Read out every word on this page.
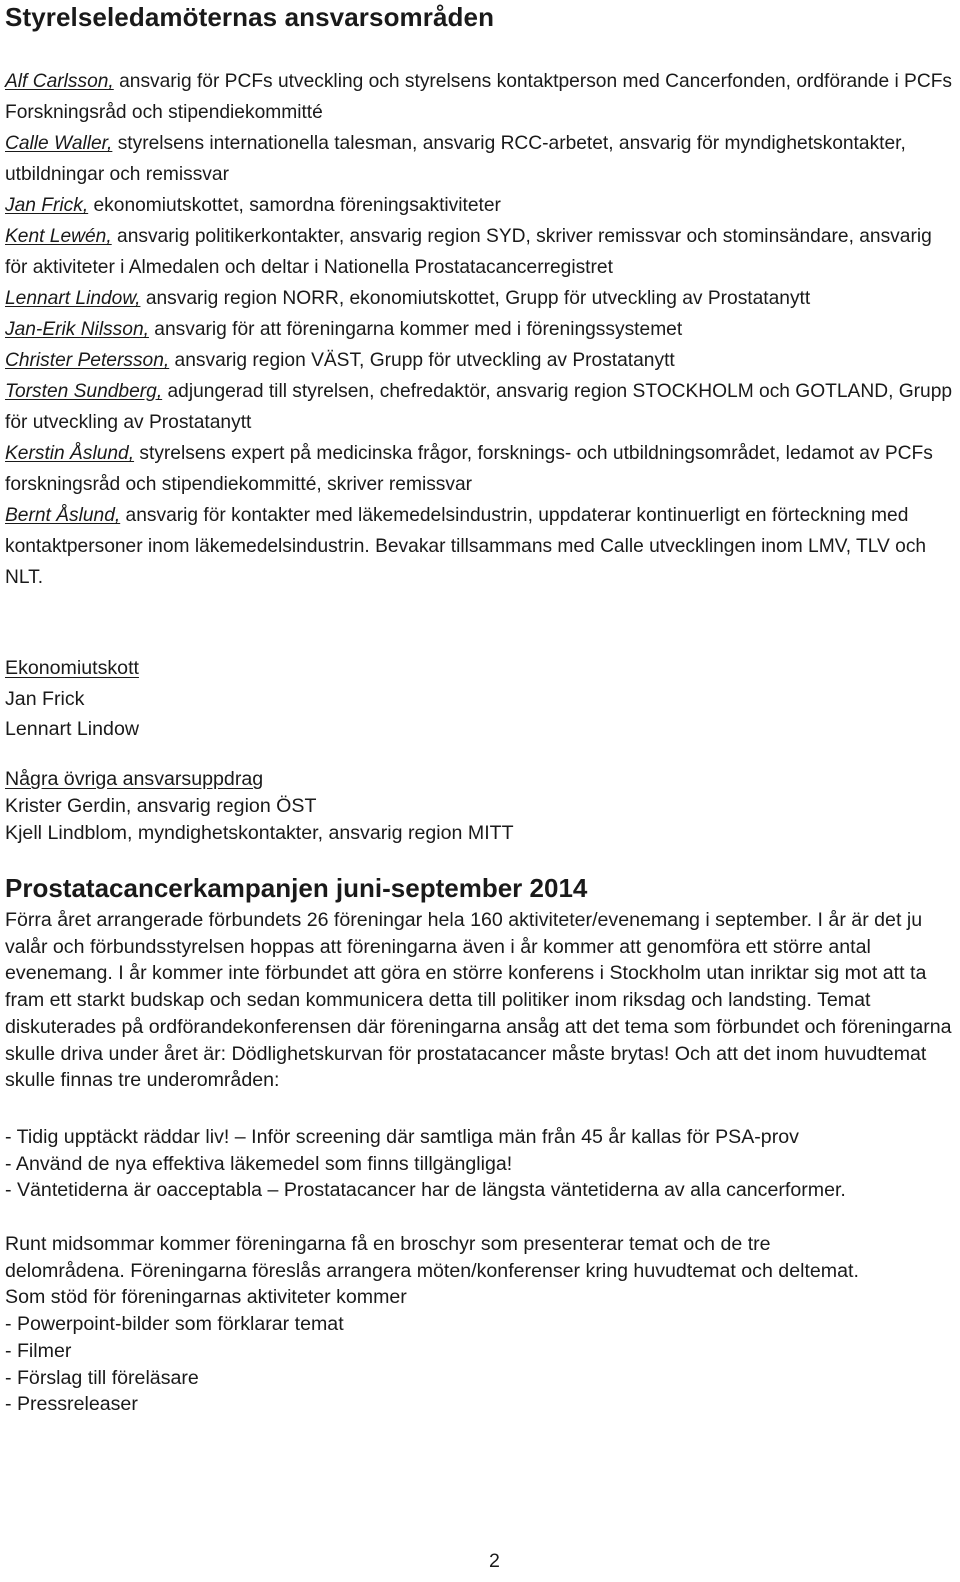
Styrelseledamöternas ansvarsområden

Alf Carlsson, ansvarig för PCFs utveckling och styrelsens kontaktperson med Cancerfonden, ordförande i PCFs Forskningsråd och stipendiekommitté

Calle Waller, styrelsens internationella talesman, ansvarig RCC-arbetet, ansvarig för myndighetskontakter, utbildningar och remissvar

Jan Frick, ekonomiutskottet, samordna föreningsaktiviteter

Kent Lewén, ansvarig politikerkontakter, ansvarig region SYD, skriver remissvar och stominsändare, ansvarig för aktiviteter i Almedalen och deltar i Nationella Prostatacancerregistret

Lennart Lindow, ansvarig region NORR, ekonomiutskottet, Grupp för utveckling av Prostatanytt

Jan-Erik Nilsson, ansvarig för att föreningarna kommer med i föreningssystemet

Christer Petersson, ansvarig region VÄST, Grupp för utveckling av Prostatanytt

Torsten Sundberg, adjungerad till styrelsen, chefredaktör, ansvarig region STOCKHOLM och GOTLAND, Grupp för utveckling av Prostatanytt

Kerstin Åslund, styrelsens expert på medicinska frågor, forsknings- och utbildningsområdet, ledamot av PCFs forskningsråd och stipendiekommitté, skriver remissvar

Bernt Åslund, ansvarig för kontakter med läkemedelsindustrin, uppdaterar kontinuerligt en förteckning med kontaktpersoner inom läkemedelsindustrin. Bevakar tillsammans med Calle utvecklingen inom LMV, TLV och NLT.

Ekonomiutskott

Jan Frick

Lennart Lindow

Några övriga ansvarsuppdrag

Krister Gerdin, ansvarig region ÖST

Kjell Lindblom, myndighetskontakter, ansvarig region MITT

Prostatacancerkampanjen juni-september 2014

Förra året arrangerade förbundets 26 föreningar hela 160 aktiviteter/evenemang i september. I år är det ju valår och förbundsstyrelsen hoppas att föreningarna även i år kommer att genomföra ett större antal evenemang. I år kommer inte förbundet att göra en större konferens i Stockholm utan inriktar sig mot att ta fram ett starkt budskap och sedan kommunicera detta till politiker inom riksdag och landsting. Temat diskuterades på ordförandekonferensen där föreningarna ansåg att det tema som förbundet och föreningarna skulle driva under året är: Dödlighetskurvan för prostatacancer måste brytas! Och att det inom huvudtemat skulle finnas tre underområden:

- Tidig upptäckt räddar liv! – Inför screening där samtliga män från 45 år kallas för PSA-prov

- Använd de nya effektiva läkemedel som finns tillgängliga!

- Väntetiderna är oacceptabla – Prostatacancer har de längsta väntetiderna av alla cancerformer.

Runt midsommar kommer föreningarna få en broschyr som presenterar temat och de tre

delområdena. Föreningarna föreslås arrangera möten/konferenser kring huvudtemat och deltemat.

Som stöd för föreningarnas aktiviteter kommer

- Powerpoint-bilder som förklarar temat

- Filmer

- Förslag till föreläsare

- Pressreleaser

2
